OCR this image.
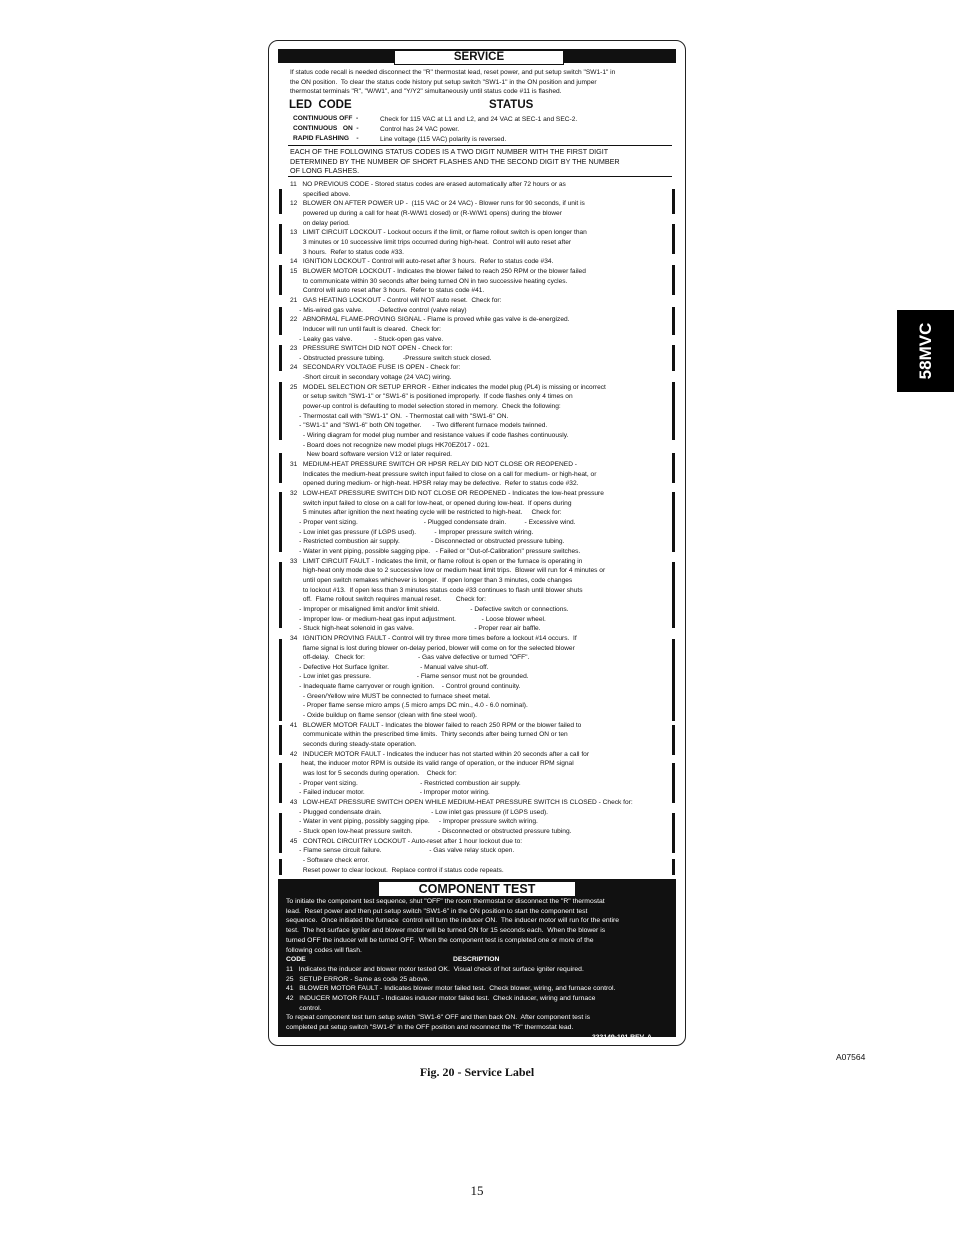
58MVC
SERVICE
If status code recall is needed disconnect the "R" thermostat lead, reset power, and put setup switch "SW1-1" in
the ON position.  To clear the status code history put setup switch "SW1-1" in the ON position and jumper
thermostat terminals "R", "W/W1", and "Y/Y2" simultaneously until status code #11 is flashed.
LED  CODE	STATUS
CONTINUOUS OFF  -	Check for 115 VAC at L1 and L2, and 24 VAC at SEC-1 and SEC-2.
CONTINUOUS   ON  -	Control has 24 VAC power.
RAPID FLASHING    -	Line voltage (115 VAC) polarity is reversed.
EACH OF THE FOLLOWING STATUS CODES IS A TWO DIGIT NUMBER WITH THE FIRST DIGIT
DETERMINED BY THE NUMBER OF SHORT FLASHES AND THE SECOND DIGIT BY THE NUMBER
OF LONG FLASHES.
11   NO PREVIOUS CODE - Stored status codes are erased automatically after 72 hours or as
specified above.
12   BLOWER ON AFTER POWER UP -  (115 VAC or 24 VAC) - Blower runs for 90 seconds, if unit is
powered up during a call for heat (R-W/W1 closed) or (R-W/W1 opens) during the blower
on delay period.
13   LIMIT CIRCUIT LOCKOUT - Lockout occurs if the limit, or flame rollout switch is open longer than
3 minutes or 10 successive limit trips occurred during high-heat.  Control will auto reset after
3 hours.  Refer to status code #33.
14   IGNITION LOCKOUT - Control will auto-reset after 3 hours.  Refer to status code #34.
15   BLOWER MOTOR LOCKOUT - Indicates the blower failed to reach 250 RPM or the blower failed
to communicate within 30 seconds after being turned ON in two successive heating cycles.
Control will auto reset after 3 hours.  Refer to status code #41.
21   GAS HEATING LOCKOUT - Control will NOT auto reset.  Check for:
- Mis-wired gas valve.        -Defective control (valve relay)
22   ABNORMAL FLAME-PROVING SIGNAL - Flame is proved while gas valve is de-energized.
Inducer will run until fault is cleared.  Check for:
- Leaky gas valve.            - Stuck-open gas valve.
23   PRESSURE SWITCH DID NOT OPEN - Check for:
- Obstructed pressure tubing.          -Pressure switch stuck closed.
24   SECONDARY VOLTAGE FUSE IS OPEN - Check for:
-Short circuit in secondary voltage (24 VAC) wiring.
25   MODEL SELECTION OR SETUP ERROR - Either indicates the model plug (PL4) is missing or incorrect
or setup switch "SW1-1" or "SW1-6" is positioned improperly.  If code flashes only 4 times on
power-up control is defaulting to model selection stored in memory.  Check the following:
- Thermostat call with "SW1-1" ON.  - Thermostat call with "SW1-6" ON.
- "SW1-1" and "SW1-6" both ON together.      - Two different furnace models twinned.
- Wiring diagram for model plug number and resistance values if code flashes continuously.
- Board does not recognize new model plugs HK70EZ017 - 021.
New board software version V12 or later required.
31   MEDIUM-HEAT PRESSURE SWITCH OR HPSR RELAY DID NOT CLOSE OR REOPENED -
Indicates the medium-heat pressure switch input failed to close on a call for medium- or high-heat, or
opened during medium- or high-heat. HPSR relay may be defective.  Refer to status code #32.
32   LOW-HEAT PRESSURE SWITCH DID NOT CLOSE OR REOPENED - Indicates the low-heat pressure
switch input failed to close on a call for low-heat, or opened during low-heat.  If opens during
5 minutes after ignition the next heating cycle will be restricted to high-heat.     Check for:
- Proper vent sizing.                                    - Plugged condensate drain.          - Excessive wind.
- Low inlet gas pressure (if LGPS used).          - Improper pressure switch wiring.
- Restricted combustion air supply.                 - Disconnected or obstructed pressure tubing.
- Water in vent piping, possible sagging pipe.   - Failed or "Out-of-Calibration" pressure switches.
33   LIMIT CIRCUIT FAULT - Indicates the limit, or flame rollout is open or the furnace is operating in
high-heat only mode due to 2 successive low or medium heat limit trips.  Blower will run for 4 minutes or
until open switch remakes whichever is longer.  If open longer than 3 minutes, code changes
to lockout #13.  If open less than 3 minutes status code #33 continues to flash until blower shuts
off.  Flame rollout switch requires manual reset.        Check for:
- Improper or misaligned limit and/or limit shield.                 - Defective switch or connections.
- Improper low- or medium-heat gas input adjustment.              - Loose blower wheel.
- Stuck high-heat solenoid in gas valve.                                 - Proper rear air baffle.
34   IGNITION PROVING FAULT - Control will try three more times before a lockout #14 occurs.  If
flame signal is lost during blower on-delay period, blower will come on for the selected blower
off-delay.   Check for:                             - Gas valve defective or turned "OFF".
- Defective Hot Surface Igniter.                 - Manual valve shut-off.
- Low inlet gas pressure.                         - Flame sensor must not be grounded.
- Inadequate flame carryover or rough ignition.    - Control ground continuity.
- Green/Yellow wire MUST be connected to furnace sheet metal.
- Proper flame sense micro amps (.5 micro amps DC min., 4.0 - 6.0 nominal).
- Oxide buildup on flame sensor (clean with fine steel wool).
41   BLOWER MOTOR FAULT - Indicates the blower failed to reach 250 RPM or the blower failed to
communicate within the prescribed time limits.  Thirty seconds after being turned ON or ten
seconds during steady-state operation.
42   INDUCER MOTOR FAULT - Indicates the inducer has not started within 20 seconds after a call for
heat, the inducer motor RPM is outside its valid range of operation, or the inducer RPM signal
was lost for 5 seconds during operation.    Check for:
- Proper vent sizing.                                  - Restricted combustion air supply.
- Failed inducer motor.                              - Improper motor wiring.
43   LOW-HEAT PRESSURE SWITCH OPEN WHILE MEDIUM-HEAT PRESSURE SWITCH IS CLOSED - Check for:
- Plugged condensate drain.                           - Low inlet gas pressure (if LGPS used).
- Water in vent piping, possibly sagging pipe.     - Improper pressure switch wiring.
- Stuck open low-heat pressure switch.              - Disconnected or obstructed pressure tubing.
45   CONTROL CIRCUITRY LOCKOUT - Auto-reset after 1 hour lockout due to:
- Flame sense circuit failure.                          - Gas valve relay stuck open.
- Software check error.
Reset power to clear lockout.  Replace control if status code repeats.
COMPONENT TEST
To initiate the component test sequence, shut "OFF" the room thermostat or disconnect the "R" thermostat
lead.  Reset power and then put setup switch "SW1-6" in the ON position to start the component test
sequence.  Once initiated the furnace  control will turn the inducer ON.  The inducer motor will run for the entire
test.  The hot surface igniter and blower motor will be turned ON for 15 seconds each.  When the blower is
turned OFF the inducer will be turned OFF.  When the component test is completed one or more of the
following codes will flash.
CODE	DESCRIPTION
11   Indicates the inducer and blower motor tested OK.  Visual check of hot surface igniter required.
25   SETUP ERROR - Same as code 25 above.
41   BLOWER MOTOR FAULT - Indicates blower motor failed test.  Check blower, wiring, and furnace control.
42   INDUCER MOTOR FAULT - Indicates inducer motor failed test.  Check inducer, wiring and furnace
control.
To repeat component test turn setup switch "SW1-6" OFF and then back ON.  After component test is
completed put setup switch "SW1-6" in the OFF position and reconnect the "R" thermostat lead.
333149-101 REV. A
A07564
Fig. 20 - Service Label
15
